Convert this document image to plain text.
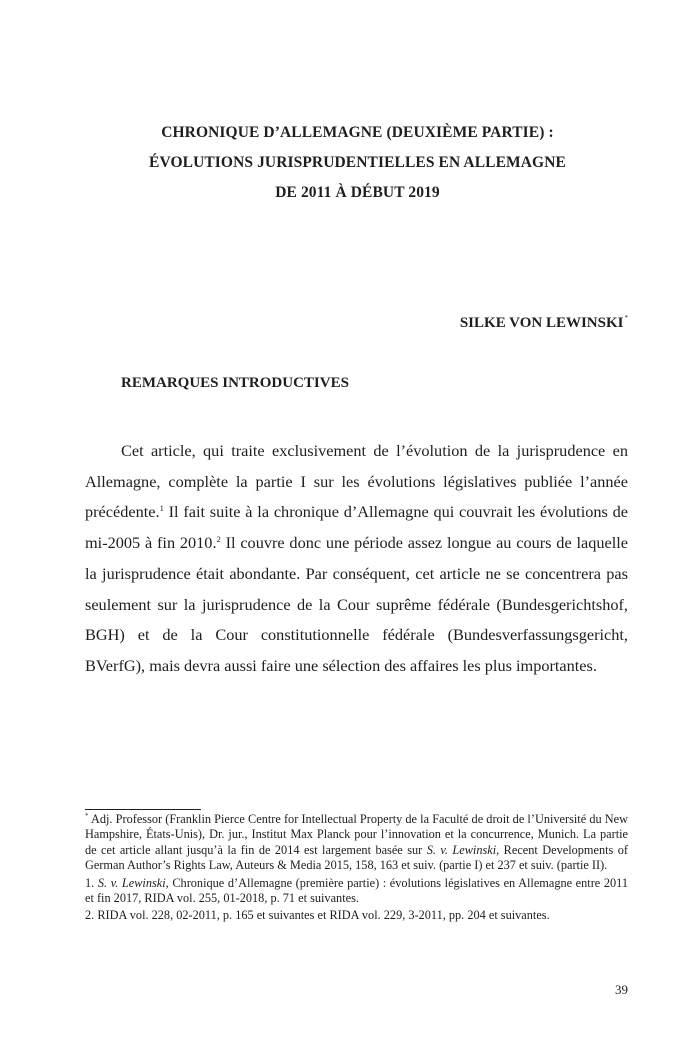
CHRONIQUE D’ALLEMAGNE (DEUXIÈME PARTIE) :
ÉVOLUTIONS JURISPRUDENTIELLES EN ALLEMAGNE
DE 2011 À DÉBUT 2019
SILKE VON LEWINSKI*
REMARQUES INTRODUCTIVES

Cet article, qui traite exclusivement de l’évolution de la jurisprudence en Allemagne, complète la partie I sur les évolutions législatives publiée l’année précédente.$^1$ Il fait suite à la chronique d’Allemagne qui couvrait les évolutions de mi-2005 à fin 2010.$^2$ Il couvre donc une période assez longue au cours de laquelle la jurisprudence était abondante. Par conséquent, cet article ne se concentrera pas seulement sur la jurisprudence de la Cour suprême fédérale (Bundesgerichtshof, BGH) et de la Cour constitutionnelle fédérale (Bundesverfassungsgericht, BVerfG), mais devra aussi faire une sélection des affaires les plus importantes.

* Adj. Professor (Franklin Pierce Centre for Intellectual Property de la Faculté de droit de l’Université du New Hampshire, États-Unis), Dr. jur., Institut Max Planck pour l’innovation et la concurrence, Munich. La partie de cet article allant jusqu’à la fin de 2014 est largement basée sur S. v. Lewinski, Recent Developments of German Author’s Rights Law, Auteurs & Media 2015, 158, 163 et suiv. (partie I) et 237 et suiv. (partie II).

1. S. v. Lewinski, Chronique d’Allemagne (première partie) : évolutions législatives en Allemagne entre 2011 et fin 2017, RIDA vol. 255, 01-2018, p. 71 et suivantes.

2. RIDA vol. 228, 02-2011, p. 165 et suivantes et RIDA vol. 229, 3-2011, pp. 204 et suivantes.

39
